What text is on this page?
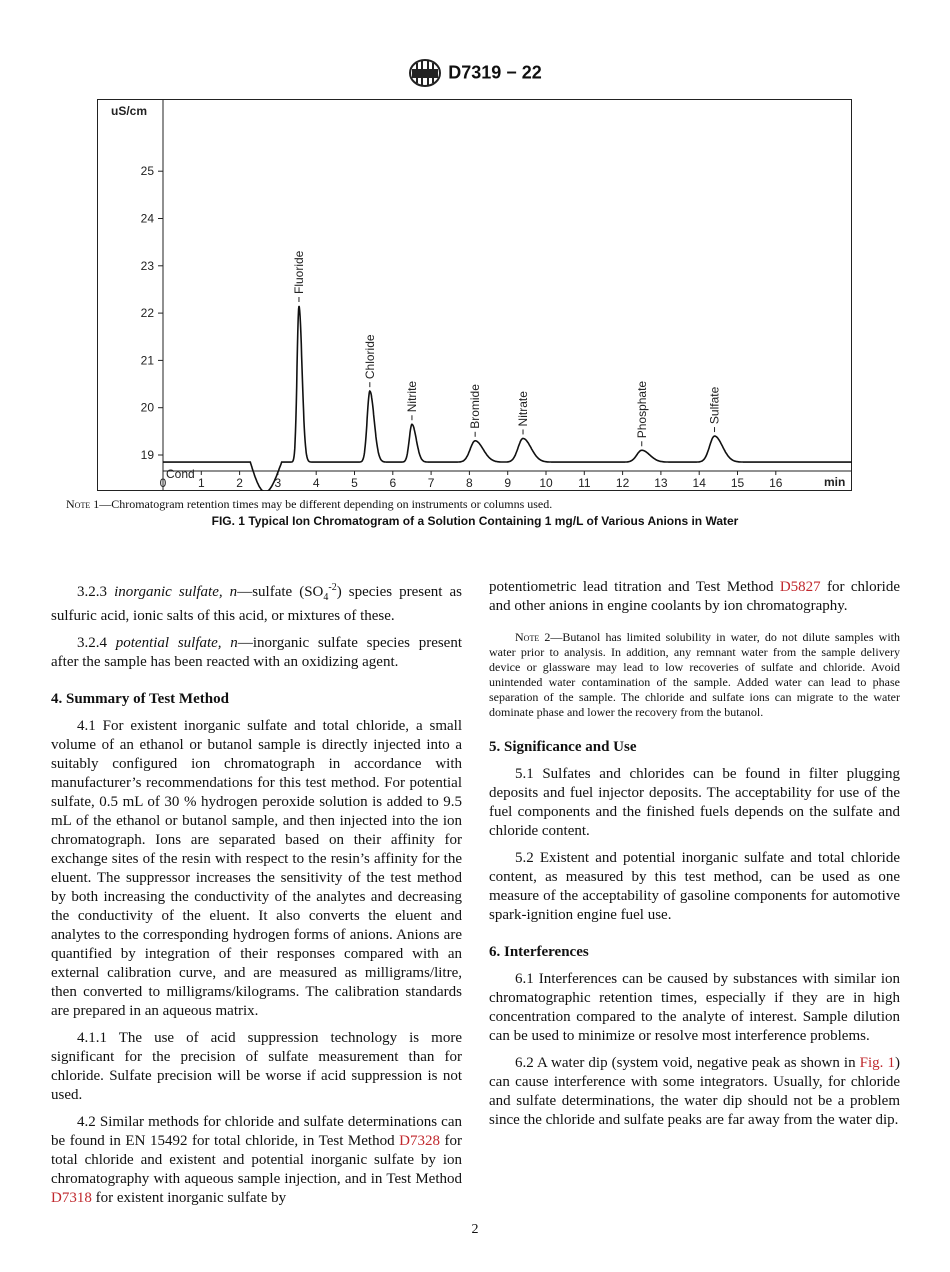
D7319 − 22
uS/cm
min
Cond
19
20
21
22
23
24
25
0	1	2	3	4	5	6	7	8	9 10 11 12 13 14 15 16
Fluoride
Chloride
Nitrite	Bromide	Nitrate	Phosphate	Sulfate
Note 1—Chromatogram retention times may be different depending on instruments or columns used.
FIG. 1 Typical Ion Chromatogram of a Solution Containing 1 mg/L of Various Anions in Water

3.2.3 inorganic sulfate, n—sulfate $(SO_4^{-2})$ species present as sulfuric acid, ionic salts of this acid, or mixtures of these.

3.2.4 potential sulfate, n—inorganic sulfate species present after the sample has been reacted with an oxidizing agent.

4. Summary of Test Method

4.1 For existent inorganic sulfate and total chloride, a small volume of an ethanol or butanol sample is directly injected into a suitably configured ion chromatograph in accordance with manufacturer’s recommendations for this test method. For potential sulfate, 0.5 mL of 30 % hydrogen peroxide solution is added to 9.5 mL of the ethanol or butanol sample, and then injected into the ion chromatograph. Ions are separated based on their affinity for exchange sites of the resin with respect to the resin’s affinity for the eluent. The suppressor increases the sensitivity of the test method by both increasing the conductivity of the analytes and decreasing the conductivity of the eluent. It also converts the eluent and analytes to the corresponding hydrogen forms of anions. Anions are quantified by integration of their responses compared with an external calibration curve, and are measured as milligrams/litre, then converted to milligrams/kilograms. The calibration standards are prepared in an aqueous matrix.

4.1.1 The use of acid suppression technology is more significant for the precision of sulfate measurement than for chloride. Sulfate precision will be worse if acid suppression is not used.

4.2 Similar methods for chloride and sulfate determinations can be found in EN 15492 for total chloride, in Test Method D7328 for total chloride and existent and potential inorganic sulfate by ion chromatography with aqueous sample injection, and in Test Method D7318 for existent inorganic sulfate by

potentiometric lead titration and Test Method D5827 for chloride and other anions in engine coolants by ion chromatography.

Note 2—Butanol has limited solubility in water, do not dilute samples with water prior to analysis. In addition, any remnant water from the sample delivery device or glassware may lead to low recoveries of sulfate and chloride. Avoid unintended water contamination of the sample. Added water can lead to phase separation of the sample. The chloride and sulfate ions can migrate to the water dominate phase and lower the recovery from the butanol.
5. Significance and Use

5.1 Sulfates and chlorides can be found in filter plugging deposits and fuel injector deposits. The acceptability for use of the fuel components and the finished fuels depends on the sulfate and chloride content.

5.2 Existent and potential inorganic sulfate and total chloride content, as measured by this test method, can be used as one measure of the acceptability of gasoline components for automotive spark-ignition engine fuel use.

6. Interferences

6.1 Interferences can be caused by substances with similar ion chromatographic retention times, especially if they are in high concentration compared to the analyte of interest. Sample dilution can be used to minimize or resolve most interference problems.

6.2 A water dip (system void, negative peak as shown in Fig. 1) can cause interference with some integrators. Usually, for chloride and sulfate determinations, the water dip should not be a problem since the chloride and sulfate peaks are far away from the water dip.

2
